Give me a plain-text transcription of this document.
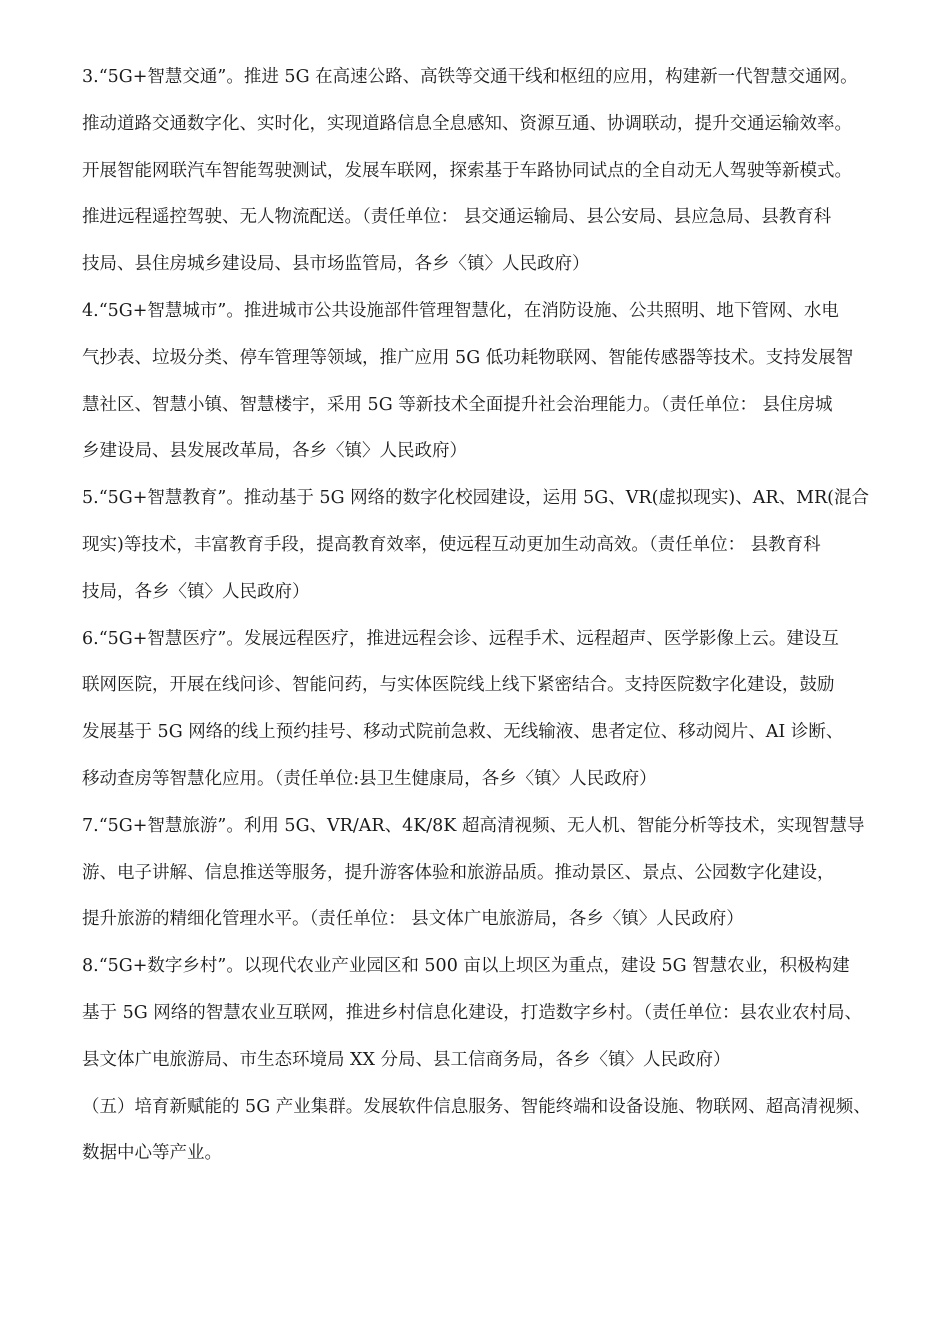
3.“5G+智慧交通”。推进 5G 在高速公路、高铁等交通干线和枢纽的应用，构建新一代智慧交通网。
推动道路交通数字化、实时化，实现道路信息全息感知、资源互通、协调联动，提升交通运输效率。
开展智能网联汽车智能驾驶测试，发展车联网，探索基于车路协同试点的全自动无人驾驶等新模式。
推进远程遥控驾驶、无人物流配送。（责任单位： 县交通运输局、县公安局、县应急局、县教育科
技局、县住房城乡建设局、县市场监管局，各乡〈镇〉人民政府）
4.“5G+智慧城市”。推进城市公共设施部件管理智慧化，在消防设施、公共照明、地下管网、水电
气抄表、垃圾分类、停车管理等领域，推广应用 5G 低功耗物联网、智能传感器等技术。支持发展智
慧社区、智慧小镇、智慧楼宇，采用 5G 等新技术全面提升社会治理能力。（责任单位： 县住房城
乡建设局、县发展改革局，各乡〈镇〉人民政府）
5.“5G+智慧教育”。推动基于 5G 网络的数字化校园建设，运用 5G、VR(虚拟现实)、AR、MR(混合
现实)等技术，丰富教育手段，提高教育效率，使远程互动更加生动高效。（责任单位： 县教育科
技局，各乡〈镇〉人民政府）
6.“5G+智慧医疗”。发展远程医疗，推进远程会诊、远程手术、远程超声、医学影像上云。建设互
联网医院，开展在线问诊、智能问药，与实体医院线上线下紧密结合。支持医院数字化建设，鼓励
发展基于 5G 网络的线上预约挂号、移动式院前急救、无线输液、患者定位、移动阅片、AI 诊断、
移动查房等智慧化应用。（责任单位:县卫生健康局，各乡〈镇〉人民政府）
7.“5G+智慧旅游”。利用 5G、VR/AR、4K/8K 超高清视频、无人机、智能分析等技术，实现智慧导
游、电子讲解、信息推送等服务，提升游客体验和旅游品质。推动景区、景点、公园数字化建设，
提升旅游的精细化管理水平。（责任单位： 县文体广电旅游局，各乡〈镇〉人民政府）
8.“5G+数字乡村”。以现代农业产业园区和 500 亩以上坝区为重点，建设 5G 智慧农业，积极构建
基于 5G 网络的智慧农业互联网，推进乡村信息化建设，打造数字乡村。（责任单位：县农业农村局、
县文体广电旅游局、市生态环境局 XX 分局、县工信商务局，各乡〈镇〉人民政府）
（五）培育新赋能的 5G 产业集群。发展软件信息服务、智能终端和设备设施、物联网、超高清视频、
数据中心等产业。
